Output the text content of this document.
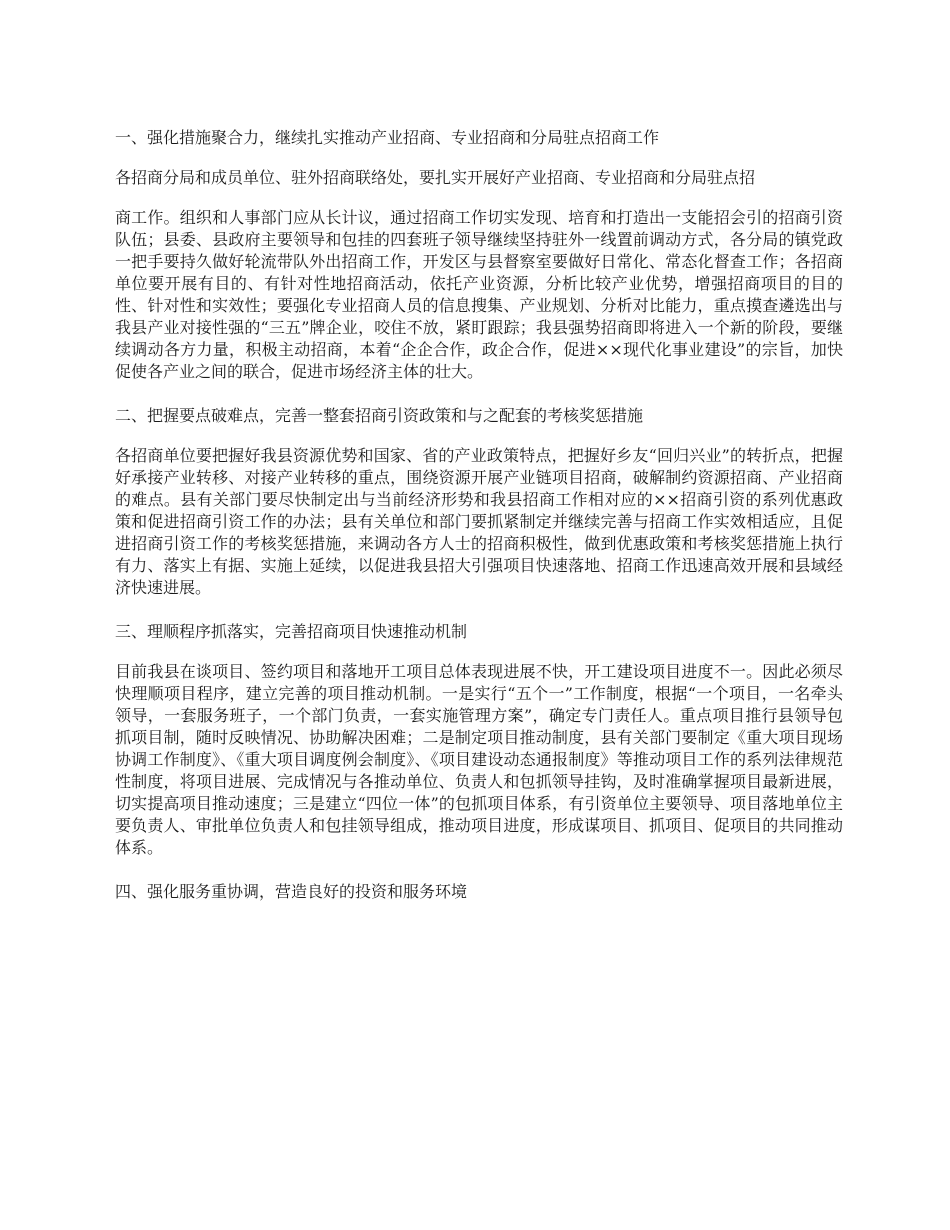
一、强化措施聚合力，继续扎实推动产业招商、专业招商和分局驻点招商工作

各招商分局和成员单位、驻外招商联络处，要扎实开展好产业招商、专业招商和分局驻点招

商工作。组织和人事部门应从长计议，通过招商工作切实发现、培育和打造出一支能招会引的招商引资队伍；县委、县政府主要领导和包挂的四套班子领导继续坚持驻外一线置前调动方式，各分局的镇党政一把手要持久做好轮流带队外出招商工作，开发区与县督察室要做好日常化、常态化督查工作；各招商单位要开展有目的、有针对性地招商活动，依托产业资源，分析比较产业优势，增强招商项目的目的性、针对性和实效性；要强化专业招商人员的信息搜集、产业规划、分析对比能力，重点摸查遴选出与我县产业对接性强的“三五”牌企业，咬住不放，紧盯跟踪；我县强势招商即将进入一个新的阶段，要继续调动各方力量，积极主动招商，本着“企企合作，政企合作，促进××现代化事业建设”的宗旨，加快促使各产业之间的联合，促进市场经济主体的壮大。

二、把握要点破难点，完善一整套招商引资政策和与之配套的考核奖惩措施

各招商单位要把握好我县资源优势和国家、省的产业政策特点，把握好乡友“回归兴业”的转折点，把握好承接产业转移、对接产业转移的重点，围绕资源开展产业链项目招商，破解制约资源招商、产业招商的难点。县有关部门要尽快制定出与当前经济形势和我县招商工作相对应的××招商引资的系列优惠政策和促进招商引资工作的办法；县有关单位和部门要抓紧制定并继续完善与招商工作实效相适应，且促进招商引资工作的考核奖惩措施，来调动各方人士的招商积极性，做到优惠政策和考核奖惩措施上执行有力、落实上有据、实施上延续，以促进我县招大引强项目快速落地、招商工作迅速高效开展和县域经济快速进展。

三、理顺程序抓落实，完善招商项目快速推动机制

目前我县在谈项目、签约项目和落地开工项目总体表现进展不快，开工建设项目进度不一。因此必须尽快理顺项目程序，建立完善的项目推动机制。一是实行“五个一”工作制度，根据“一个项目，一名牵头领导，一套服务班子，一个部门负责，一套实施管理方案”，确定专门责任人。重点项目推行县领导包抓项目制，随时反映情况、协助解决困难；二是制定项目推动制度，县有关部门要制定《重大项目现场协调工作制度》、《重大项目调度例会制度》、《项目建设动态通报制度》等推动项目工作的系列法律规范性制度，将项目进展、完成情况与各推动单位、负责人和包抓领导挂钩，及时准确掌握项目最新进展，切实提高项目推动速度；三是建立“四位一体”的包抓项目体系，有引资单位主要领导、项目落地单位主要负责人、审批单位负责人和包挂领导组成，推动项目进度，形成谋项目、抓项目、促项目的共同推动体系。

四、强化服务重协调，营造良好的投资和服务环境
